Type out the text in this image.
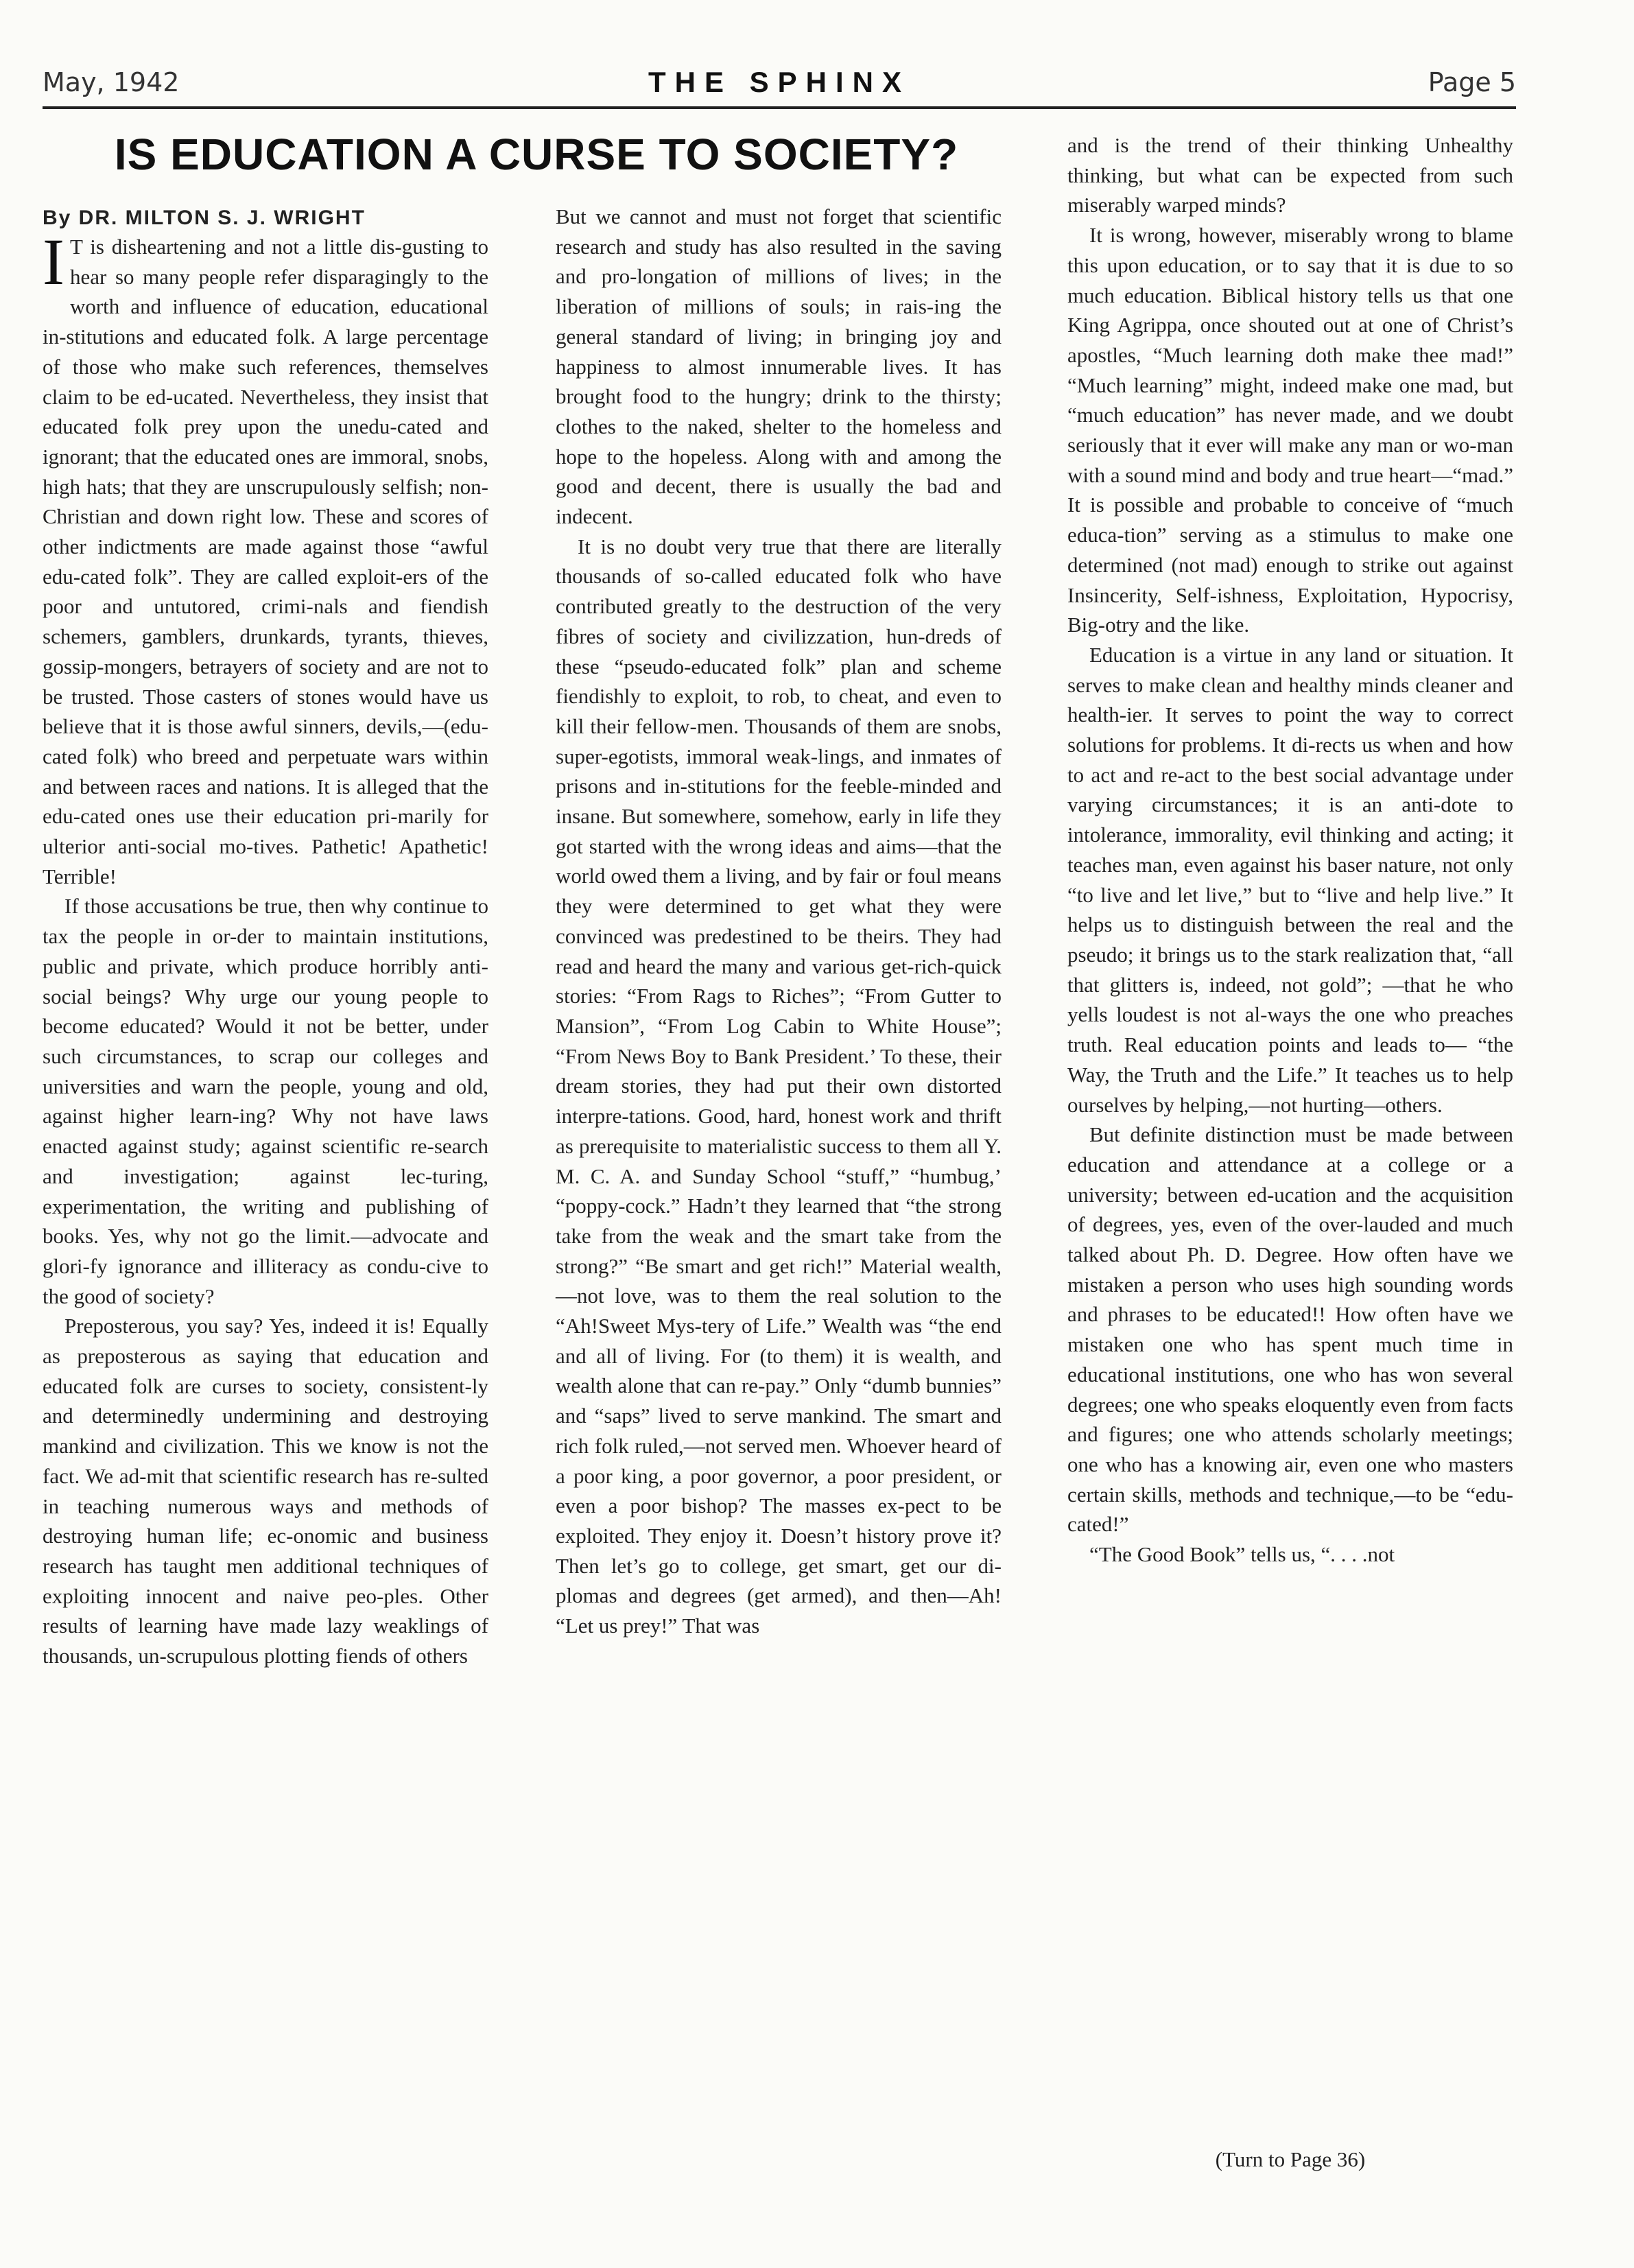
May, 1942	THE SPHINX	Page 5
IS EDUCATION A CURSE TO SOCIETY?

By DR. MILTON S. J. WRIGHT

I T is disheartening and not a little dis-gusting to hear so many people refer disparagingly to the worth and influence of education, educational in-stitutions and educated folk. A large percentage of those who make such references, themselves claim to be ed-ucated. Nevertheless, they insist that educated folk prey upon the unedu-cated and ignorant; that the educated ones are immoral, snobs, high hats; that they are unscrupulously selfish; non-Christian and down right low. These and scores of other indictments are made against those “awful edu-cated folk”. They are called exploit-ers of the poor and untutored, crimi-nals and fiendish schemers, gamblers, drunkards, tyrants, thieves, gossip-mongers, betrayers of society and are not to be trusted. Those casters of stones would have us believe that it is those awful sinners, devils,—(edu-cated folk) who breed and perpetuate wars within and between races and nations. It is alleged that the edu-cated ones use their education pri-marily for ulterior anti-social mo-tives. Pathetic! Apathetic! Terrible!

If those accusations be true, then why continue to tax the people in or-der to maintain institutions, public and private, which produce horribly anti-social beings? Why urge our young people to become educated? Would it not be better, under such circumstances, to scrap our colleges and universities and warn the people, young and old, against higher learn-ing? Why not have laws enacted against study; against scientific re-search and investigation; against lec-turing, experimentation, the writing and publishing of books. Yes, why not go the limit.—advocate and glori-fy ignorance and illiteracy as condu-cive to the good of society?

Preposterous, you say? Yes, indeed it is! Equally as preposterous as saying that education and educated folk are curses to society, consistent-ly and determinedly undermining and destroying mankind and civilization. This we know is not the fact. We ad-mit that scientific research has re-sulted in teaching numerous ways and methods of destroying human life; ec-onomic and business research has taught men additional techniques of exploiting innocent and naive peo-ples. Other results of learning have made lazy weaklings of thousands, un-scrupulous plotting fiends of others

But we cannot and must not forget that scientific research and study has also resulted in the saving and pro-longation of millions of lives; in the liberation of millions of souls; in rais-ing the general standard of living; in bringing joy and happiness to almost innumerable lives. It has brought food to the hungry; drink to the thirsty; clothes to the naked, shelter to the homeless and hope to the hopeless. Along with and among the good and decent, there is usually the bad and indecent.

It is no doubt very true that there are literally thousands of so-called educated folk who have contributed greatly to the destruction of the very fibres of society and civilizzation, hun-dreds of these “pseudo-educated folk” plan and scheme fiendishly to exploit, to rob, to cheat, and even to kill their fellow-men. Thousands of them are snobs, super-egotists, immoral weak-lings, and inmates of prisons and in-stitutions for the feeble-minded and insane. But somewhere, somehow, early in life they got started with the wrong ideas and aims—that the world owed them a living, and by fair or foul means they were determined to get what they were convinced was predestined to be theirs. They had read and heard the many and various get-rich-quick stories: “From Rags to Riches”; “From Gutter to Mansion”, “From Log Cabin to White House”; “From News Boy to Bank President.’ To these, their dream stories, they had put their own distorted interpre-tations. Good, hard, honest work and thrift as prerequisite to materialistic success to them all Y. M. C. A. and Sunday School “stuff,” “humbug,’ “poppy-cock.” Hadn’t they learned that “the strong take from the weak and the smart take from the strong?” “Be smart and get rich!” Material wealth,—not love, was to them the real solution to the “Ah!Sweet Mys-tery of Life.” Wealth was “the end and all of living. For (to them) it is wealth, and wealth alone that can re-pay.” Only “dumb bunnies” and “saps” lived to serve mankind. The smart and rich folk ruled,—not served men. Whoever heard of a poor king, a poor governor, a poor president, or even a poor bishop? The masses ex-pect to be exploited. They enjoy it. Doesn’t history prove it? Then let’s go to college, get smart, get our di-plomas and degrees (get armed), and then—Ah! “Let us prey!” That was

and is the trend of their thinking Unhealthy thinking, but what can be expected from such miserably warped minds?

It is wrong, however, miserably wrong to blame this upon education, or to say that it is due to so much education. Biblical history tells us that one King Agrippa, once shouted out at one of Christ’s apostles, “Much learning doth make thee mad!” “Much learning” might, indeed make one mad, but “much education” has never made, and we doubt seriously that it ever will make any man or wo-man with a sound mind and body and true heart—“mad.” It is possible and probable to conceive of “much educa-tion” serving as a stimulus to make one determined (not mad) enough to strike out against Insincerity, Self-ishness, Exploitation, Hypocrisy, Big-otry and the like.

Education is a virtue in any land or situation. It serves to make clean and healthy minds cleaner and health-ier. It serves to point the way to correct solutions for problems. It di-rects us when and how to act and re-act to the best social advantage under varying circumstances; it is an anti-dote to intolerance, immorality, evil thinking and acting; it teaches man, even against his baser nature, not only “to live and let live,” but to “live and help live.” It helps us to distinguish between the real and the pseudo; it brings us to the stark realization that, “all that glitters is, indeed, not gold”; —that he who yells loudest is not al-ways the one who preaches truth. Real education points and leads to— “the Way, the Truth and the Life.” It teaches us to help ourselves by helping,—not hurting—others.

But definite distinction must be made between education and attendance at a college or a university; between ed-ucation and the acquisition of degrees, yes, even of the over-lauded and much talked about Ph. D. Degree. How often have we mistaken a person who uses high sounding words and phrases to be educated!! How often have we mistaken one who has spent much time in educational institutions, one who has won several degrees; one who speaks eloquently even from facts and figures; one who attends scholarly meetings; one who has a knowing air, even one who masters certain skills, methods and technique,—to be “edu-cated!”

“The Good Book” tells us, “. . . .not

(Turn to Page 36)
